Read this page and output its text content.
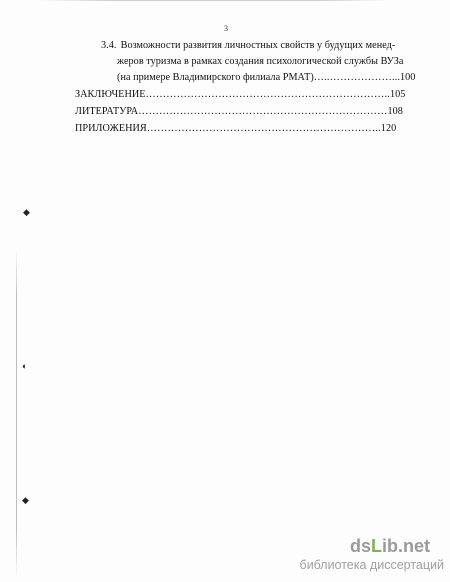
3
3.4. Возможности развития личностных свойств у будущих менед-
жеров туризма в рамках создания психологической службы ВУЗа
(на примере Владимирского филиала РМАТ)…..………………...100
ЗАКЛЮЧЕНИЕ……………………………………………………………..105
ЛИТЕРАТУРА………………………………………………………………108
ПРИЛОЖЕНИЯ…………………………………………………………..120
◆
◐
◆
dsLib.net
библиотека диссертаций
